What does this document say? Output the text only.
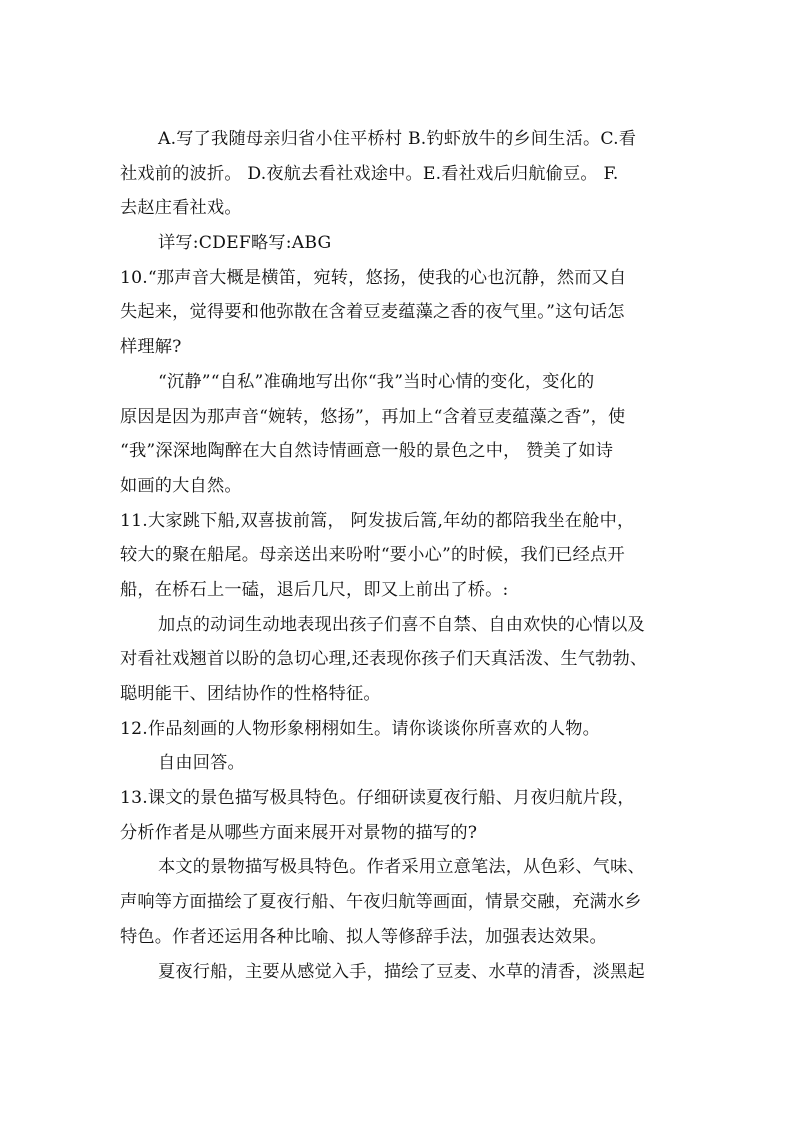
A.写了我随母亲归省小住平桥村 B.钓虾放牛的乡间生活。C.看
社戏前的波折。 D.夜航去看社戏途中。E.看社戏后归航偷豆。 F.
去赵庄看社戏。
详写:CDEF略写:ABG
10.“那声音大概是横笛，宛转，悠扬，使我的心也沉静，然而又自
失起来，觉得要和他弥散在含着豆麦蕴藻之香的夜气里。”这句话怎
样理解?
“沉静”“自私”准确地写出你“我”当时心情的变化，变化的
原因是因为那声音“婉转，悠扬”，再加上“含着豆麦蕴藻之香”，使
“我”深深地陶醉在大自然诗情画意一般的景色之中， 赞美了如诗
如画的大自然。
11.大家跳下船,双喜拔前篙， 阿发拔后篙,年幼的都陪我坐在舱中，
较大的聚在船尾。母亲送出来吩咐“要小心”的时候，我们已经点开
船，在桥石上一磕，退后几尺，即又上前出了桥。:
加点的动词生动地表现出孩子们喜不自禁、自由欢快的心情以及
对看社戏翘首以盼的急切心理,还表现你孩子们天真活泼、生气勃勃、
聪明能干、团结协作的性格特征。
12.作品刻画的人物形象栩栩如生。请你谈谈你所喜欢的人物。
自由回答。
13.课文的景色描写极具特色。仔细研读夏夜行船、月夜归航片段，
分析作者是从哪些方面来展开对景物的描写的?
本文的景物描写极具特色。作者采用立意笔法，从色彩、气味、
声响等方面描绘了夏夜行船、午夜归航等画面，情景交融，充满水乡
特色。作者还运用各种比喻、拟人等修辞手法，加强表达效果。
夏夜行船，主要从感觉入手，描绘了豆麦、水草的清香，淡黑起
